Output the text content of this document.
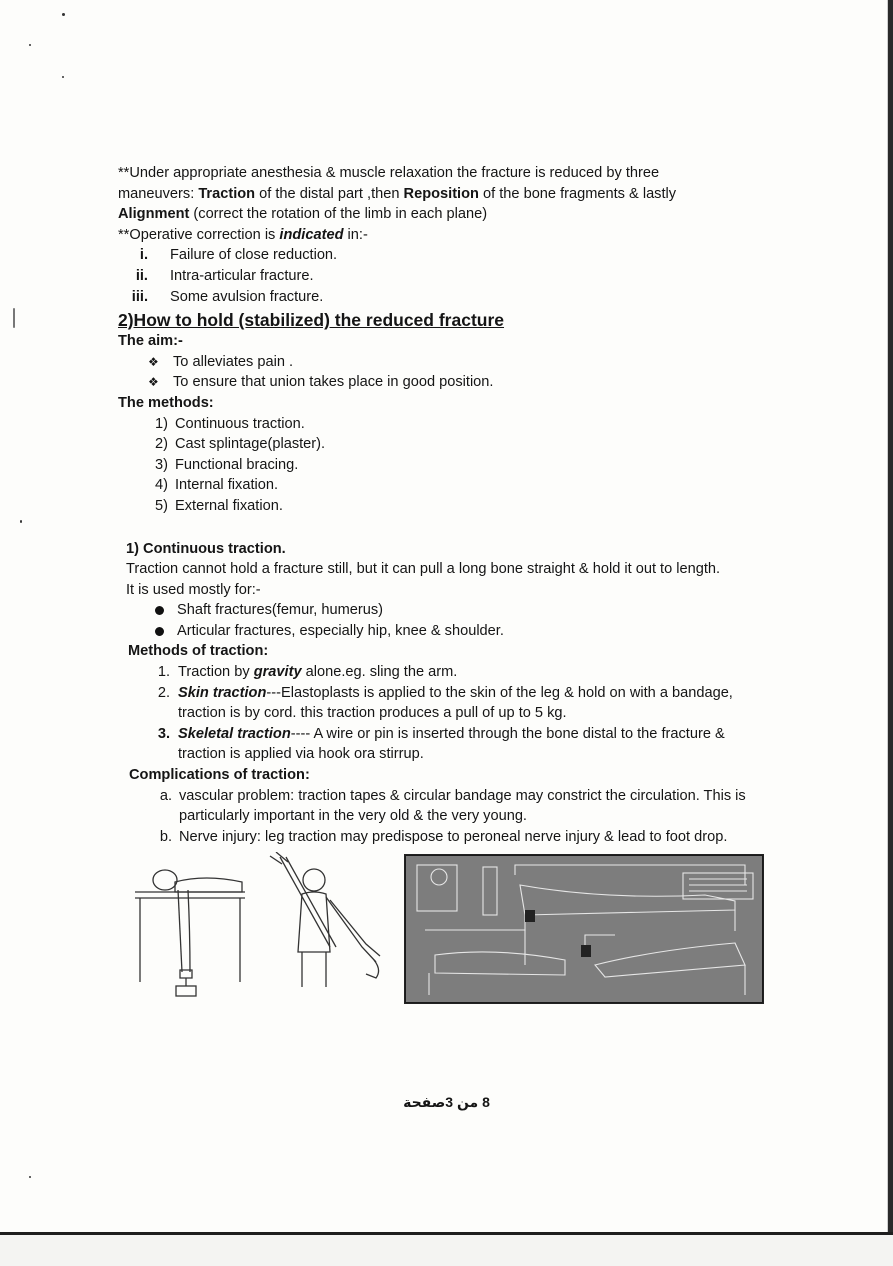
**Under appropriate anesthesia & muscle relaxation the fracture is reduced by three
maneuvers: Traction of the distal part ,then Reposition of the bone fragments & lastly
Alignment (correct the rotation of the limb in each plane)

**Operative correction is indicated in:-

i. Failure of close reduction.
ii. Intra-articular fracture.
iii. Some avulsion fracture.
2)How to hold (stabilized) the reduced fracture

The aim:-

❖ To alleviates pain .
❖ To ensure that union takes place in good position.

The methods:

1) Continuous traction.
2) Cast splintage(plaster).
3) Functional bracing.
4) Internal fixation.
5) External fixation.

1) Continuous traction.

Traction cannot hold a fracture still, but it can pull a long bone straight & hold it out to length.
It is used mostly for:-

Shaft fractures(femur, humerus)
Articular fractures, especially hip, knee & shoulder.

Methods of traction:

1. Traction by gravity alone.eg. sling the arm.
2. Skin traction---Elastoplasts is applied to the skin of the leg & hold on with a bandage,
traction is by cord. this traction produces a pull of up to 5 kg.
3. Skeletal traction---- A wire or pin is inserted through the bone distal to the fracture &
traction is applied via hook ora stirrup.

Complications of traction:

a. vascular problem: traction tapes & circular bandage may constrict the circulation. This is
particularly important in the very old & the very young.
b. Nerve injury: leg traction may predispose to peroneal nerve injury & lead to foot drop.
8 من 3صفحة
